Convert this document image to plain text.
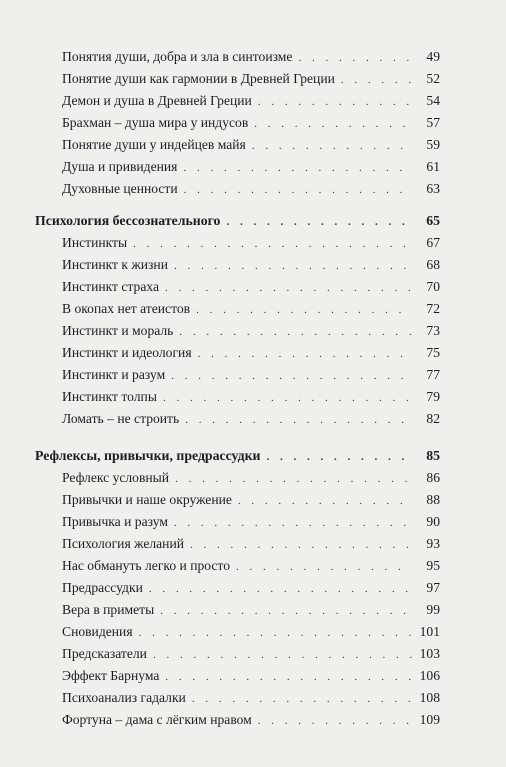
Понятия души, добра и зла в синтоизме . . .	49
Понятие души как гармонии в Древней Греции . . .	52
Демон и душа в Древней Греции . . .	54
Брахман – душа мира у индусов . . .	57
Понятие души у индейцев майя . . .	59
Душа и привидения . . .	61
Духовные ценности . . .	63
Психология бессознательного . . .	65
Инстинкты . . .	67
Инстинкт к жизни . . .	68
Инстинкт страха . . .	70
В окопах нет атеистов . . .	72
Инстинкт и мораль . . .	73
Инстинкт и идеология . . .	75
Инстинкт и разум . . .	77
Инстинкт толпы . . .	79
Ломать – не строить . . .	82
Рефлексы, привычки, предрассудки . . .	85
Рефлекс условный . . .	86
Привычки и наше окружение . . .	88
Привычка и разум . . .	90
Психология желаний . . .	93
Нас обмануть легко и просто . . .	95
Предрассудки . . .	97
Вера в приметы . . .	99
Сновидения . . .	101
Предсказатели . . .	103
Эффект Барнума . . .	106
Психоанализ гадалки . . .	108
Фортуна – дама с лёгким нравом . . .	109
